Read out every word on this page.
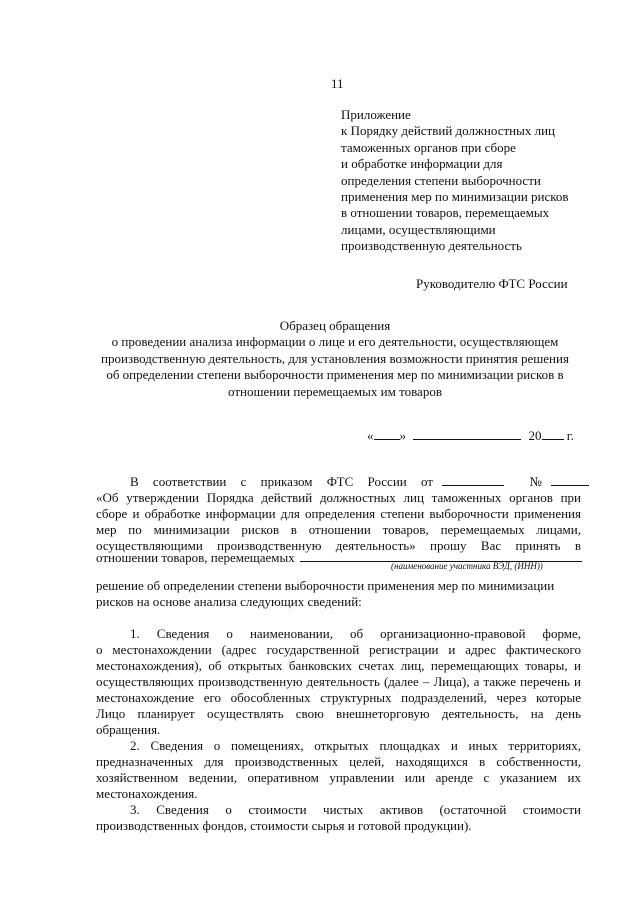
11
Приложение
к Порядку действий должностных лиц
таможенных органов при сборе
и обработке информации для
определения степени выборочности
применения мер по минимизации рисков
в отношении товаров, перемещаемых
лицами, осуществляющими
производственную деятельность
Руководителю ФТС России
Образец обращения
о проведении анализа информации о лице и его деятельности, осуществляющем
производственную деятельность, для установления возможности принятия решения
об определении степени выборочности применения мер по минимизации рисков в
отношении перемещаемых им товаров
« »	20 г.
В соответствии с приказом ФТС России от	№
«Об утверждении Порядка действий должностных лиц таможенных органов при
сборе и обработке информации для определения степени выборочности применения
мер по минимизации рисков в отношении товаров, перемещаемых лицами,
осуществляющими производственную деятельность» прошу Вас принять в
отношении товаров, перемещаемых
(наименование участника ВЭД, (ИНН))
решение об определении степени выборочности применения мер по минимизации
рисков на основе анализа следующих сведений:
1. Сведения о наименовании, об организационно-правовой форме,
о местонахождении (адрес государственной регистрации и адрес фактического
местонахождения), об открытых банковских счетах лиц, перемещающих товары, и
осуществляющих производственную деятельность (далее – Лица), а также перечень и
местонахождение его обособленных структурных подразделений, через которые
Лицо планирует осуществлять свою внешнеторговую деятельность, на день
обращения.
2. Сведения о помещениях, открытых площадках и иных территориях,
предназначенных для производственных целей, находящихся в собственности,
хозяйственном ведении, оперативном управлении или аренде с указанием их
местонахождения.
3. Сведения о стоимости чистых активов (остаточной стоимости
производственных фондов, стоимости сырья и готовой продукции).
